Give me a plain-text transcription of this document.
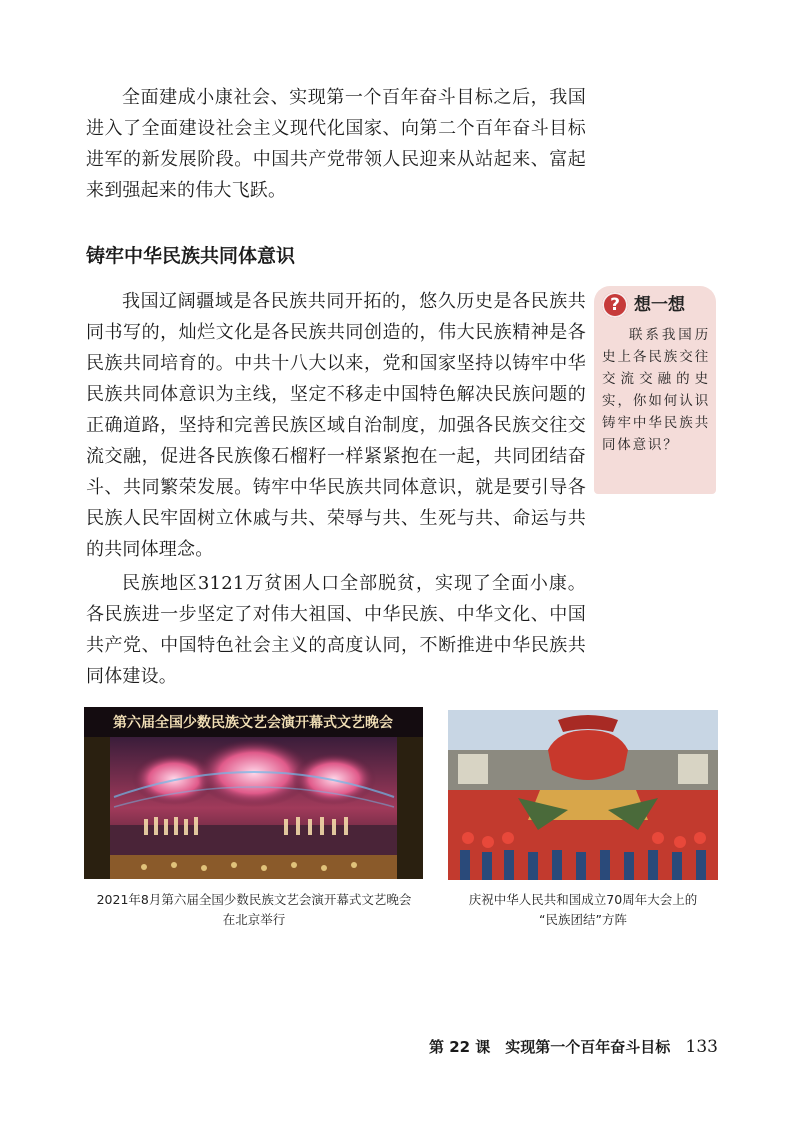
全面建成小康社会、实现第一个百年奋斗目标之后，我国进入了全面建设社会主义现代化国家、向第二个百年奋斗目标进军的新发展阶段。中国共产党带领人民迎来从站起来、富起来到强起来的伟大飞跃。

铸牢中华民族共同体意识

我国辽阔疆域是各民族共同开拓的，悠久历史是各民族共同书写的，灿烂文化是各民族共同创造的，伟大民族精神是各民族共同培育的。中共十八大以来，党和国家坚持以铸牢中华民族共同体意识为主线，坚定不移走中国特色解决民族问题的正确道路，坚持和完善民族区域自治制度，加强各民族交往交流交融，促进各民族像石榴籽一样紧紧抱在一起，共同团结奋斗、共同繁荣发展。铸牢中华民族共同体意识，就是要引导各民族人民牢固树立休戚与共、荣辱与共、生死与共、命运与共的共同体理念。

民族地区3121万贫困人口全部脱贫，实现了全面小康。各民族进一步坚定了对伟大祖国、中华民族、中华文化、中国共产党、中国特色社会主义的高度认同，不断推进中华民族共同体建设。

? 想一想

联系我国历史上各民族交往交流交融的史实，你如何认识铸牢中华民族共同体意识？

第六届全国少数民族文艺会演开幕式文艺晚会

2021年8月第六届全国少数民族文艺会演开幕式文艺晚会
在北京举行

庆祝中华人民共和国成立70周年大会上的
“民族团结”方阵

第 22 课　实现第一个百年奋斗目标 133
